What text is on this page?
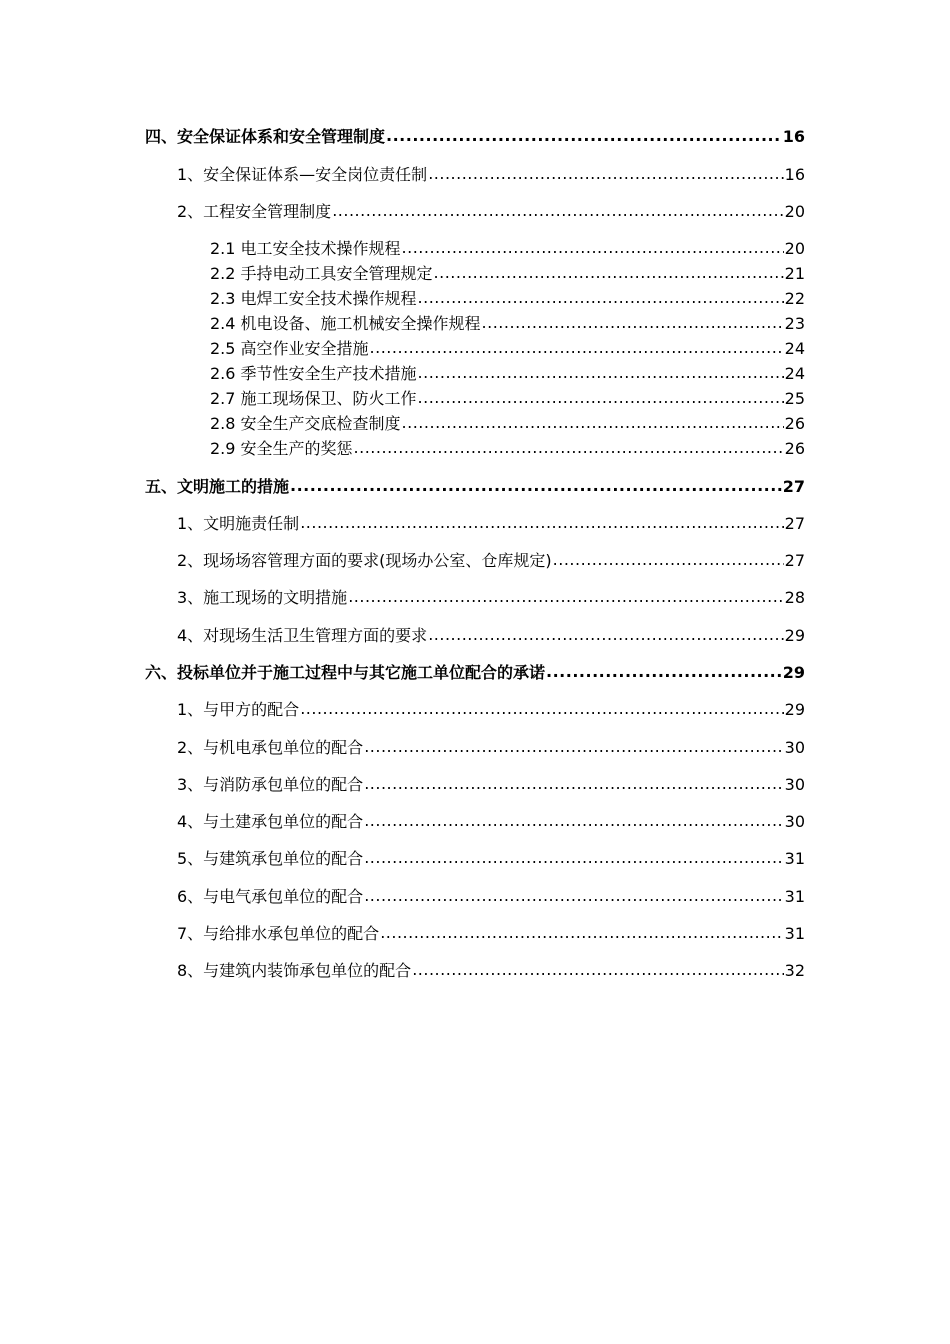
四、安全保证体系和安全管理制度 .....	16
1、安全保证体系—安全岗位责任制 .....	16
2、工程安全管理制度 .....	20
2.1 电工安全技术操作规程 .....	20
2.2 手持电动工具安全管理规定 .....	21
2.3 电焊工安全技术操作规程 .....	22
2.4 机电设备、施工机械安全操作规程 .....	23
2.5 高空作业安全措施 .....	24
2.6 季节性安全生产技术措施 .....	24
2.7 施工现场保卫、防火工作 .....	25
2.8 安全生产交底检查制度 .....	26
2.9 安全生产的奖惩 .....	26
五、文明施工的措施 .....	27
1、文明施责任制 .....	27
2、现场场容管理方面的要求(现场办公室、仓库规定) .....	27
3、施工现场的文明措施 .....	28
4、对现场生活卫生管理方面的要求 .....	29
六、投标单位并于施工过程中与其它施工单位配合的承诺 .....	29
1、与甲方的配合 .....	29
2、与机电承包单位的配合 .....	30
3、与消防承包单位的配合 .....	30
4、与土建承包单位的配合 .....	30
5、与建筑承包单位的配合 .....	31
6、与电气承包单位的配合 .....	31
7、与给排水承包单位的配合 .....	31
8、与建筑内装饰承包单位的配合 .....	32
